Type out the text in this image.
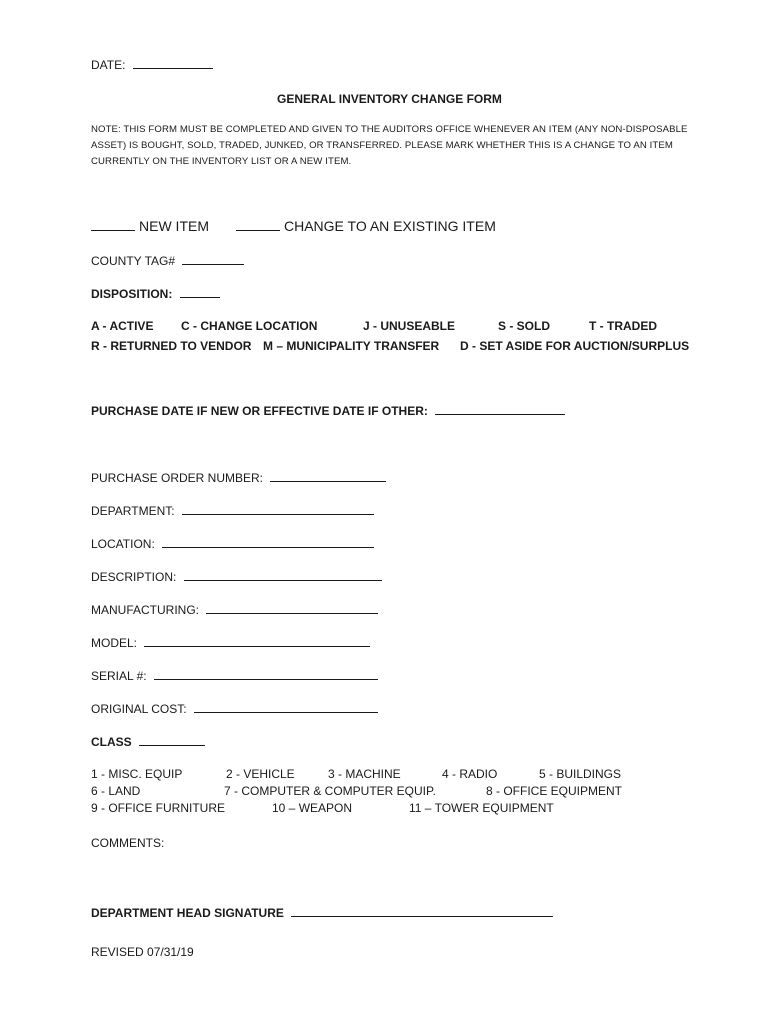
DATE:
GENERAL INVENTORY CHANGE FORM
NOTE: THIS FORM MUST BE COMPLETED AND GIVEN TO THE AUDITORS OFFICE WHENEVER AN ITEM (ANY NON-DISPOSABLE
ASSET) IS BOUGHT, SOLD, TRADED, JUNKED, OR TRANSFERRED. PLEASE MARK WHETHER THIS IS A CHANGE TO AN ITEM
CURRENTLY ON THE INVENTORY LIST OR A NEW ITEM.
NEW ITEM	CHANGE TO AN EXISTING ITEM
COUNTY TAG#
DISPOSITION:
A - ACTIVE C - CHANGE LOCATION	J - UNUSEABLE	S - SOLD	T - TRADED
R - RETURNED TO VENDOR M – MUNICIPALITY TRANSFER D - SET ASIDE FOR AUCTION/SURPLUS
PURCHASE DATE IF NEW OR EFFECTIVE DATE IF OTHER:
PURCHASE ORDER NUMBER:
DEPARTMENT:
LOCATION:
DESCRIPTION:
MANUFACTURING:
MODEL:
SERIAL #:
ORIGINAL COST:
CLASS
1 - MISC. EQUIP	2 - VEHICLE	3 - MACHINE	4 - RADIO	5 - BUILDINGS
6 - LAND	7 - COMPUTER & COMPUTER EQUIP.	8 - OFFICE EQUIPMENT
9 - OFFICE FURNITURE	10 – WEAPON	11 – TOWER EQUIPMENT
COMMENTS:
DEPARTMENT HEAD SIGNATURE
REVISED 07/31/19
